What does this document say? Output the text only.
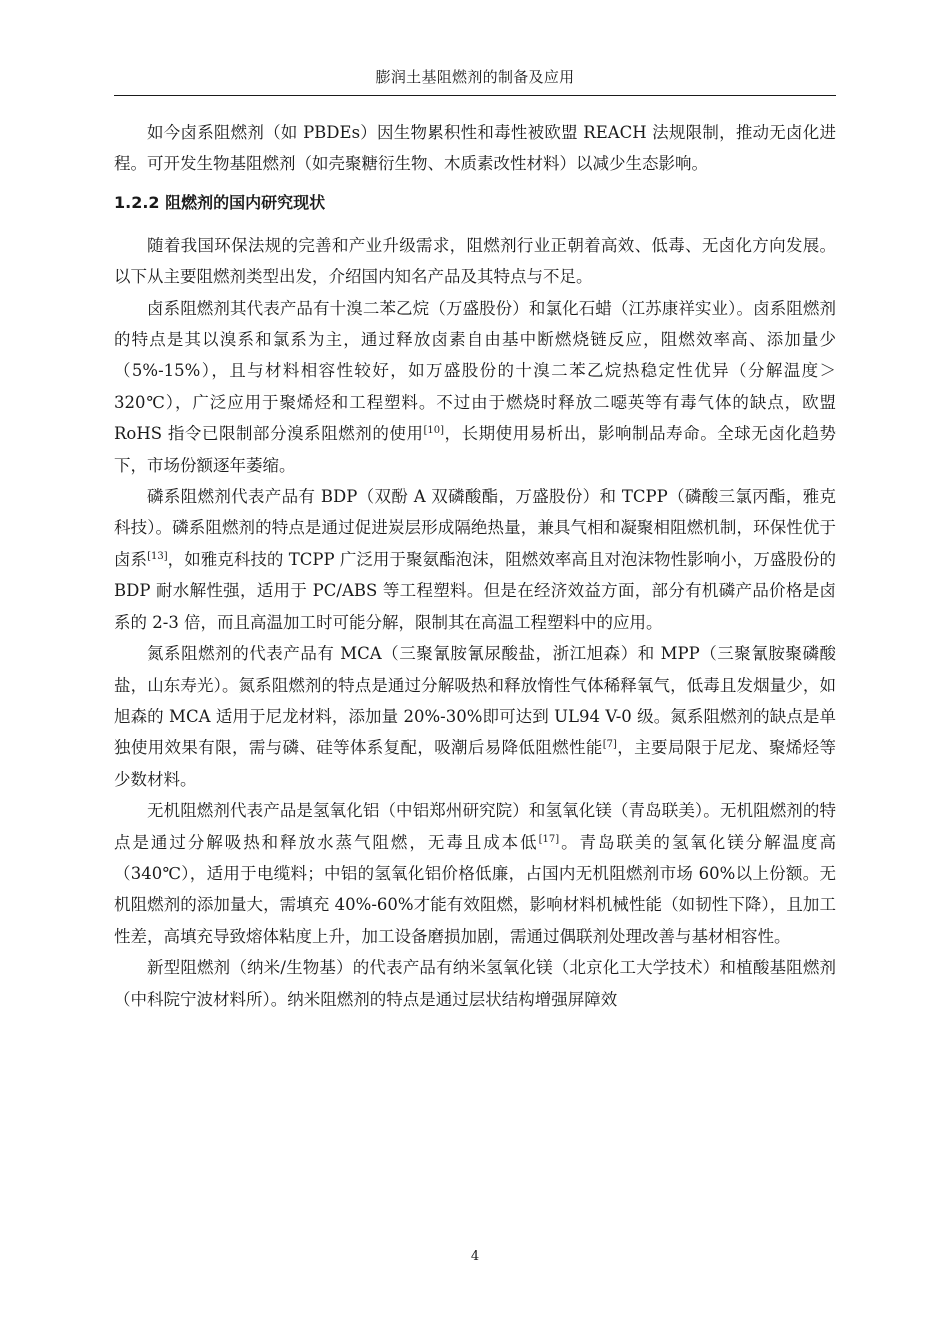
膨润土基阻燃剂的制备及应用

如今卤系阻燃剂（如 PBDEs）因生物累积性和毒性被欧盟 REACH 法规限制，推动无卤化进程。可开发生物基阻燃剂（如壳聚糖衍生物、木质素改性材料）以减少生态影响。

1.2.2 阻燃剂的国内研究现状

随着我国环保法规的完善和产业升级需求，阻燃剂行业正朝着高效、低毒、无卤化方向发展。以下从主要阻燃剂类型出发，介绍国内知名产品及其特点与不足。

卤系阻燃剂其代表产品有十溴二苯乙烷（万盛股份）和氯化石蜡（江苏康祥实业）。卤系阻燃剂的特点是其以溴系和氯系为主，通过释放卤素自由基中断燃烧链反应，阻燃效率高、添加量少（5%-15%），且与材料相容性较好，如万盛股份的十溴二苯乙烷热稳定性优异（分解温度＞320℃），广泛应用于聚烯烃和工程塑料。不过由于燃烧时释放二噁英等有毒气体的缺点，欧盟 RoHS 指令已限制部分溴系阻燃剂的使用[10]，长期使用易析出，影响制品寿命。全球无卤化趋势下，市场份额逐年萎缩。

磷系阻燃剂代表产品有 BDP（双酚 A 双磷酸酯，万盛股份）和 TCPP（磷酸三氯丙酯，雅克科技）。磷系阻燃剂的特点是通过促进炭层形成隔绝热量，兼具气相和凝聚相阻燃机制，环保性优于卤系[13]，如雅克科技的 TCPP 广泛用于聚氨酯泡沫，阻燃效率高且对泡沫物性影响小，万盛股份的 BDP 耐水解性强，适用于 PC/ABS 等工程塑料。但是在经济效益方面，部分有机磷产品价格是卤系的 2-3 倍，而且高温加工时可能分解，限制其在高温工程塑料中的应用。

氮系阻燃剂的代表产品有 MCA（三聚氰胺氰尿酸盐，浙江旭森）和 MPP（三聚氰胺聚磷酸盐，山东寿光）。氮系阻燃剂的特点是通过分解吸热和释放惰性气体稀释氧气，低毒且发烟量少，如旭森的 MCA 适用于尼龙材料，添加量 20%-30%即可达到 UL94 V-0 级。氮系阻燃剂的缺点是单独使用效果有限，需与磷、硅等体系复配，吸潮后易降低阻燃性能[7]，主要局限于尼龙、聚烯烃等少数材料。

无机阻燃剂代表产品是氢氧化铝（中铝郑州研究院）和氢氧化镁（青岛联美）。无机阻燃剂的特点是通过分解吸热和释放水蒸气阻燃，无毒且成本低[17]。青岛联美的氢氧化镁分解温度高（340℃），适用于电缆料；中铝的氢氧化铝价格低廉，占国内无机阻燃剂市场 60%以上份额。无机阻燃剂的添加量大，需填充 40%-60%才能有效阻燃，影响材料机械性能（如韧性下降），且加工性差，高填充导致熔体粘度上升，加工设备磨损加剧，需通过偶联剂处理改善与基材相容性。

新型阻燃剂（纳米/生物基）的代表产品有纳米氢氧化镁（北京化工大学技术）和植酸基阻燃剂（中科院宁波材料所）。纳米阻燃剂的特点是通过层状结构增强屏障效

4
